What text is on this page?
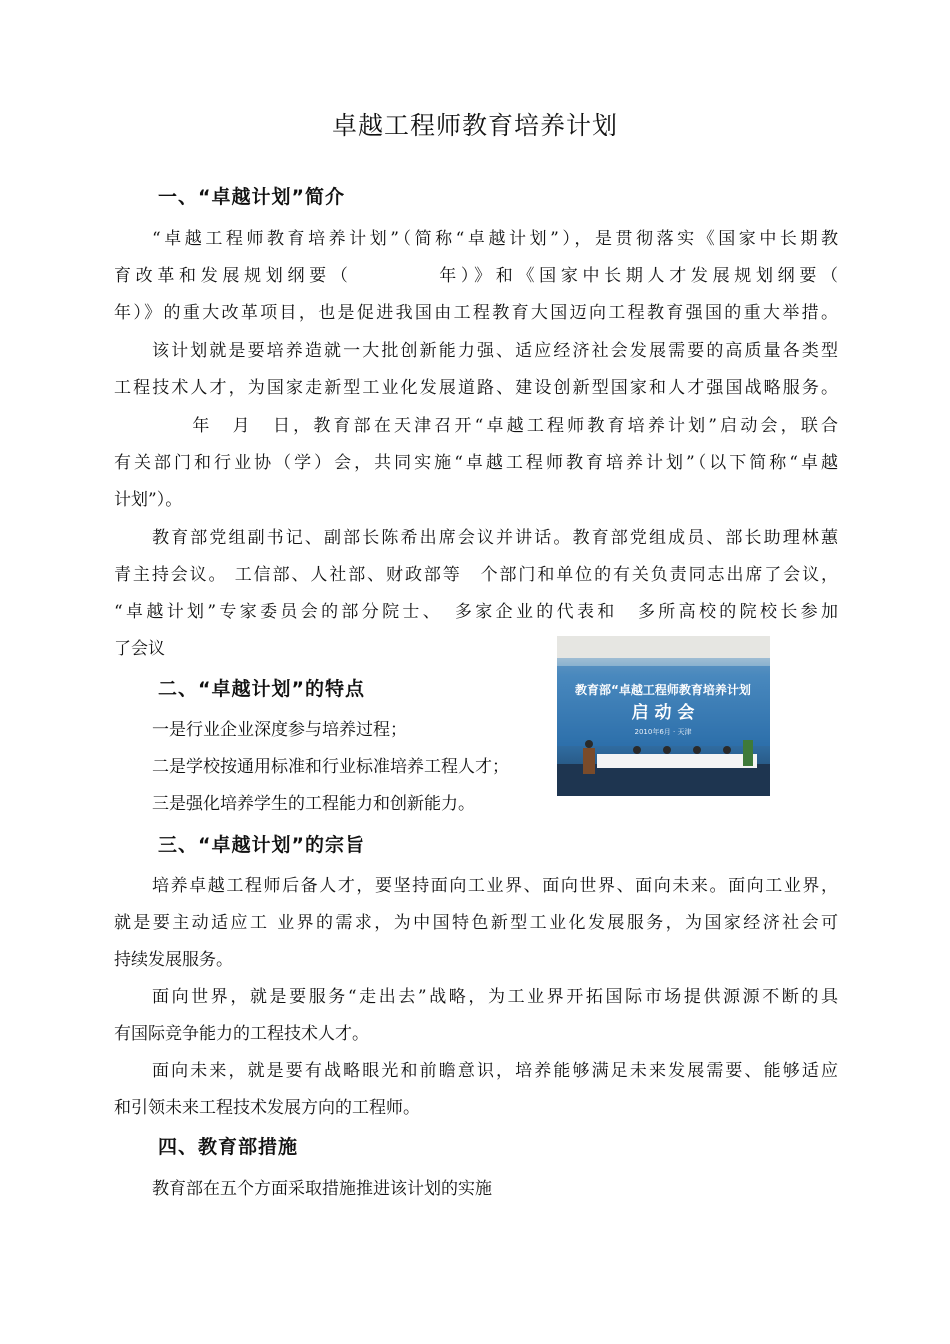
卓越工程师教育培养计划
一、“卓越计划”简介

“卓越工程师教育培养计划”（简称“卓越计划”），是贯彻落实《国家中长期教

育改革和发展规划纲要（　　　　年）》和《国家中长期人才发展规划纲要（

年）》的重大改革项目，也是促进我国由工程教育大国迈向工程教育强国的重大举措。

该计划就是要培养造就一大批创新能力强、适应经济社会发展需要的高质量各类型

工程技术人才，为国家走新型工业化发展道路、建设创新型国家和人才强国战略服务。

　　年　月　日，教育部在天津召开“卓越工程师教育培养计划”启动会，联合

有关部门和行业协（学）会，共同实施“卓越工程师教育培养计划”（以下简称“卓越

计划”）。

教育部党组副书记、副部长陈希出席会议并讲话。教育部党组成员、部长助理林蕙

青主持会议。 工信部、人社部、财政部等　个部门和单位的有关负责同志出席了会议，

“卓越计划”专家委员会的部分院士、　多家企业的代表和　多所高校的院校长参加

了会议

二、“卓越计划”的特点

一是行业企业深度参与培养过程；

二是学校按通用标准和行业标准培养工程人才；

三是强化培养学生的工程能力和创新能力。

教育部“卓越工程师教育培养计划
启 动 会
2010年6月 · 天津
三、“卓越计划”的宗旨

培养卓越工程师后备人才，要坚持面向工业界、面向世界、面向未来。面向工业界，

就是要主动适应工 业界的需求，为中国特色新型工业化发展服务，为国家经济社会可

持续发展服务。

面向世界，就是要服务“走出去”战略，为工业界开拓国际市场提供源源不断的具

有国际竞争能力的工程技术人才。

面向未来，就是要有战略眼光和前瞻意识，培养能够满足未来发展需要、能够适应

和引领未来工程技术发展方向的工程师。

四、教育部措施

教育部在五个方面采取措施推进该计划的实施
